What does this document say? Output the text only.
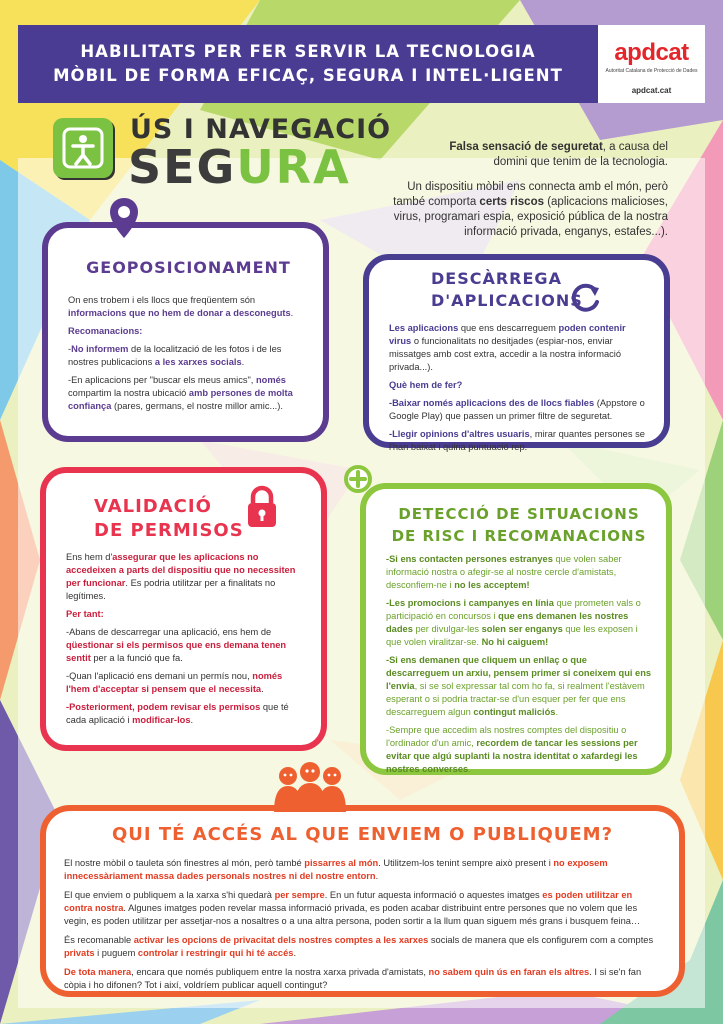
HABILITATS PER FER SERVIR LA TECNOLOGIA
MÒBIL DE FORMA EFICAÇ, SEGURA I INTEL·LIGENT
apdcat
Autoritat Catalana de Protecció de Dades
apdcat.cat
ÚS I NAVEGACIÓ
SEGURA	Falsa sensació de seguretat, a causa del domini que tenim de la tecnologia.
Un dispositiu mòbil ens connecta amb el món, però també comporta certs riscos (aplicacions malicioses, virus, programari espia, exposició pública de la nostra informació privada, enganys, estafes...).
GEOPOSICIONAMENT

On ens trobem i els llocs que freqüentem són informacions que no hem de donar a desconeguts.

Recomanacions:

-No informem de la localització de les fotos i de les nostres publicacions a les xarxes socials.

-En aplicacions per "buscar els meus amics", només compartim la nostra ubicació amb persones de molta confiança (pares, germans, el nostre millor amic...).

DESCÀRREGA
D'APLICACIONS

Les aplicacions que ens descarreguem poden contenir virus o funcionalitats no desitjades (espiar-nos, enviar missatges amb cost extra, accedir a la nostra informació privada...).

Què hem de fer?

-Baixar només aplicacions des de llocs fiables (Appstore o Google Play) que passen un primer filtre de seguretat.

-Llegir opinions d'altres usuaris, mirar quantes persones se l'han baixat i quina puntuació rep.

VALIDACIÓ
DE PERMISOS

Ens hem d'assegurar que les aplicacions no accedeixen a parts del dispositiu que no necessiten per funcionar. Es podria utilitzar per a finalitats no legítimes.

Per tant:

-Abans de descarregar una aplicació, ens hem de qüestionar si els permisos que ens demana tenen sentit per a la funció que fa.

-Quan l'aplicació ens demani un permís nou, només l'hem d'acceptar si pensem que el necessita.

-Posteriorment, podem revisar els permisos que té cada aplicació i modificar-los.

DETECCIÓ DE SITUACIONS
DE RISC I RECOMANACIONS

-Si ens contacten persones estranyes que volen saber informació nostra o afegir-se al nostre cercle d'amistats, desconfiem-ne i no les acceptem!

-Les promocions i campanyes en línia que prometen vals o participació en concursos i que ens demanen les nostres dades per divulgar-les solen ser enganys que les exposen i que volen viralitzar-se. No hi caiguem!

-Si ens demanen que cliquem un enllaç o que descarreguem un arxiu, pensem primer si coneixem qui ens l'envia, si se sol expressar tal com ho fa, si realment l'estàvem esperant o si podria tractar-se d'un esquer per fer que ens descarreguem algun contingut maliciós.

-Sempre que accedim als nostres comptes del dispositiu o l'ordinador d'un amic, recordem de tancar les sessions per evitar que algú suplanti la nostra identitat o xafardegi les nostres converses.

QUI TÉ ACCÉS AL QUE ENVIEM O PUBLIQUEM?

El nostre mòbil o tauleta són finestres al món, però també pissarres al món. Utilitzem-los tenint sempre això present i no exposem innecessàriament massa dades personals nostres ni del nostre entorn.

El que enviem o publiquem a la xarxa s'hi quedarà per sempre. En un futur aquesta informació o aquestes imatges es poden utilitzar en contra nostra. Algunes imatges poden revelar massa informació privada, es poden acabar distribuint entre persones que no volem que les vegin, es poden utilitzar per assetjar-nos a nosaltres o a una altra persona, poden sortir a la llum quan siguem més grans i busquem feina…

És recomanable activar les opcions de privacitat dels nostres comptes a les xarxes socials de manera que els configurem com a comptes privats i puguem controlar i restringir qui hi té accés.

De tota manera, encara que només publiquem entre la nostra xarxa privada d'amistats, no sabem quin ús en faran els altres. I si se'n fan còpia i ho difonen? Tot i així, voldríem publicar aquell contingut?
